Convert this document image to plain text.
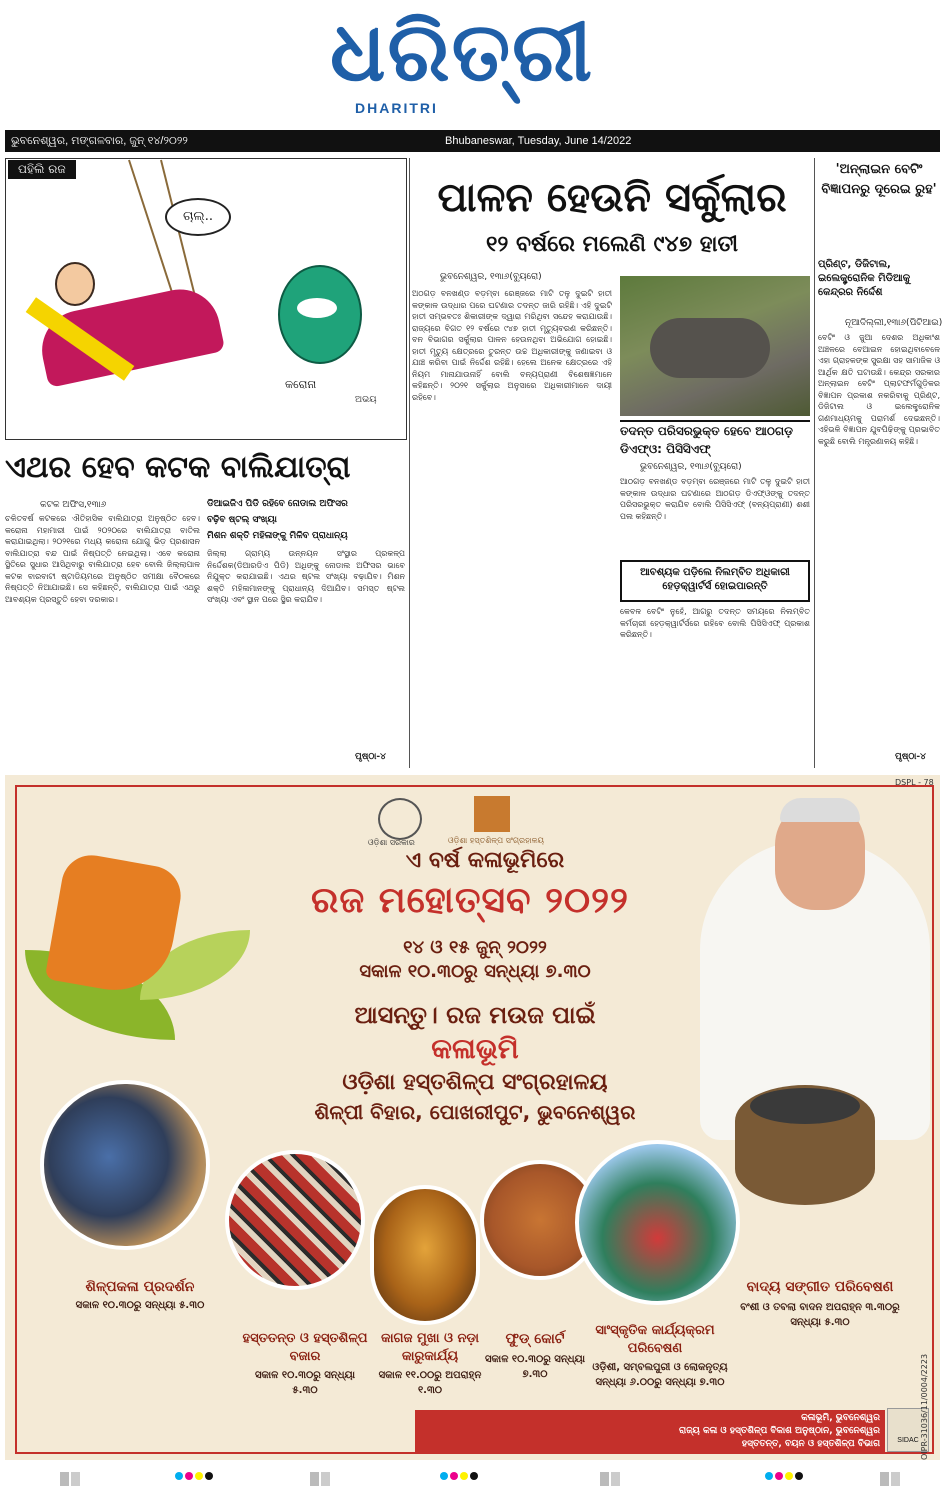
ଧରିତ୍ରୀ
DHARITRI
ଭୁବନେଶ୍ୱର, ମଙ୍ଗଳବାର, ଜୁନ୍ ୧୪/୨୦୨୨	Bhubaneswar, Tuesday, June 14/2022
ପହିଲି ରଜ
ଚାଲ୍..
କରୋନା
ଅଭୟ
ଏଥର ହେବ କଟକ ବାଲିଯାତ୍ରା
କଟକ ଅଫିସ,୧୩ା୬
ଚଳିତବର୍ଷ କଟକରେ ଐତିହାସିକ ବାଲିଯାତ୍ରା ଅନୁଷ୍ଠିତ ହେବ। କରୋନା ମହାମାରୀ ପାଇଁ ୨୦୨୦ରେ ବାଲିଯାତ୍ରା ବାତିଲ କରାଯାଇଥିଲା। ୨୦୨୧ରେ ମଧ୍ୟ କରୋନା ଯୋଗୁ ଭିଡ଼ ପ୍ରଶାସନ ବାଲିଯାତ୍ରା ବନ୍ଦ ପାଇଁ ନିଷ୍ପତ୍ତି ନେଇଥିଲା। ଏବେ କରୋନା ସ୍ଥିତିରେ ସୁଧାର ଆସିଥିବାରୁ ବାଲିଯାତ୍ରା ହେବ ବୋଲି ଜିଲ୍ଲାପାଳ କଟକ ବାରବାଟୀ ଷ୍ଟାଡିୟମରେ ଅନୁଷ୍ଠିତ ସମୀକ୍ଷା ବୈଠକରେ ନିଷ୍ପତ୍ତି ନିଆଯାଇଛି। ସେ କହିଛନ୍ତି, ବାଲିଯାତ୍ରା ପାଇଁ ଏଥରୁ ଆବଶ୍ୟକ ପ୍ରସ୍ତୁତି ହେବା ଦରକାର।
ଡିଆଇଜିଏ ପିଡି ରହିବେ ନୋଡାଲ ଅଫିସର
ବଢ଼ିବ ଷ୍ଟଲ୍ ସଂଖ୍ୟା
ମିଶନ ଶକ୍ତି ମହିଳାଙ୍କୁ ମିଳିବ ପ୍ରାଧାନ୍ୟ
ଜିଲ୍ଲା ଗ୍ରାମ୍ୟ ଉନ୍ନୟନ ସଂସ୍ଥାର ପ୍ରକଳ୍ପ ନିର୍ଦ୍ଦେଶକ(ଡିଆରଡିଏ ପିଡି) ଅଧିଙ୍କୁ ନୋଡାଲ ଅଫିସର ଭାବେ ନିଯୁକ୍ତ କରାଯାଇଛି। ଏଥର ଷ୍ଟଲ ସଂଖ୍ୟା ବଢ଼ାଯିବ। ମିଶନ ଶକ୍ତି ମହିଳାମାନଙ୍କୁ ପ୍ରାଧାନ୍ୟ ଦିଆଯିବ। ସମସ୍ତ ଷ୍ଟଲ ସଂଖ୍ୟା ଏବଂ ସ୍ଥାନ ପରେ ସ୍ଥିର କରାଯିବ।
ପୃଷ୍ଠା-୪
ପାଳନ ହେଉନି ସର୍କୁଲାର
୧୨ ବର୍ଷରେ ମଲେଣି ୯୪୭ ହାତୀ
ଭୁବନେଶ୍ୱର, ୧୩ା୬(ବ୍ୟୁରୋ)
ଅଠଗଡ଼ ବନଖଣ୍ଡ ବଡ଼ମ୍ବା ରେଞ୍ଜରେ ମାଟି ତଳୁ ଦୁଇଟି ହାତୀ କଙ୍କାଳ ଉଦ୍ଧାର ପରେ ଘଟଣାର ତଦନ୍ତ ଜାରି ରହିଛି। ଏହି ଦୁଇଟି ହାତୀ ସମ୍ଭବତଃ ଶିକାରୀଙ୍କ ଦ୍ୱାରା ମରିଥିବା ସନ୍ଦେହ କରାଯାଉଛି। ରାଜ୍ୟରେ ବିଗତ ୧୨ ବର୍ଷରେ ୯୪୭ ହାତୀ ମୃତ୍ୟୁବରଣ କରିଛନ୍ତି। ବନ ବିଭାଗର ସର୍କୁଲାର ପାଳନ ହେଉନଥିବା ଅଭିଯୋଗ ହୋଇଛି। ହାତୀ ମୃତ୍ୟୁ କ୍ଷେତ୍ରରେ ତୁରନ୍ତ ଉଚ୍ଚ ଅଧିକାରୀଙ୍କୁ ଜଣାଇବା ଓ ଯାଞ୍ଚ କରିବା ପାଇଁ ନିର୍ଦ୍ଦେଶ ରହିଛି। ହେଲେ ଅନେକ କ୍ଷେତ୍ରରେ ଏହି ନିୟମ ମାନାଯାଉନାହିଁ ବୋଲି ବନ୍ୟପ୍ରାଣୀ ବିଶେଷଜ୍ଞମାନେ କହିଛନ୍ତି। ୨୦୨୧ ସର୍କୁଲାର ଅନୁସାରେ ଅଧିକାରୀମାନେ ଦାୟୀ ରହିବେ।
ତଦନ୍ତ ପରିସରଭୁକ୍ତ ହେବେ ଆଠଗଡ଼ ଡିଏଫ୍ଓ: ପିସିସିଏଫ୍
ଭୁବନେଶ୍ୱର, ୧୩ା୬(ବ୍ୟୁରୋ)
ଆଠଗଡ଼ ବନଖଣ୍ଡ ବଡ଼ମ୍ବା ରେଞ୍ଜରେ ମାଟି ତଳୁ ଦୁଇଟି ହାତୀ କଙ୍କାଳ ଉଦ୍ଧାର ଘଟଣାରେ ଆଠଗଡ଼ ଡିଏଫ୍ଓଙ୍କୁ ତଦନ୍ତ ପରିସରଭୁକ୍ତ କରାଯିବ ବୋଲି ପିସିସିଏଫ୍ (ବନ୍ୟପ୍ରାଣୀ) ଶଶୀ ପଲ କହିଛନ୍ତି।
ଆବଶ୍ୟକ ପଡ଼ିଲେ ନିଲମ୍ବିତ ଅଧିକାରୀ ହେଡ଼କ୍ୱାର୍ଟର୍ସ ହୋଇପାରନ୍ତି
କେବଳ ବେଟିଂ ନୁହେଁ, ଆଗରୁ ତଦନ୍ତ ସମୟରେ ନିଲମ୍ବିତ କର୍ମଚାରୀ ହେଡ଼କ୍ୱାର୍ଟର୍ସରେ ରହିବେ ବୋଲି ପିସିସିଏଫ୍ ପ୍ରକାଶ କରିଛନ୍ତି।
'ଅନ୍‌ଲାଇନ ବେଟିଂ ବିଜ୍ଞାପନରୁ ଦୂରେଇ ରୁହ'
ପ୍ରିଣ୍ଟ, ଡିଜିଟାଲ, ଇଲେକ୍ଟ୍ରୋନିକ ମିଡିଆକୁ କେନ୍ଦ୍ରର ନିର୍ଦ୍ଦେଶ
ନୂଆଦିଲ୍ଲୀ,୧୩ା୬(ପିଟିଆଇ)
ବେଟିଂ ଓ ଜୁଆ ଦେଶର ଅଧିକାଂଶ ଅଞ୍ଚଳରେ ବେଆଇନ ହୋଇଥିବାବେଳେ ଏହା ଗ୍ରାହକଙ୍କ ସୁରକ୍ଷା ସହ ସାମାଜିକ ଓ ଆର୍ଥିକ କ୍ଷତି ଘଟାଉଛି। କେନ୍ଦ୍ର ସରକାର ଅନ୍‌ଲାଇନ ବେଟିଂ ପ୍ଲାଟଫର୍ମଗୁଡ଼ିକର ବିଜ୍ଞାପନ ପ୍ରକାଶ ନକରିବାକୁ ପ୍ରିଣ୍ଟ, ଡିଜିଟାଲ ଓ ଇଲେକ୍ଟ୍ରୋନିକ ଗଣମାଧ୍ୟମକୁ ପରାମର୍ଶ ଦେଇଛନ୍ତି। ଏହିଭଳି ବିଜ୍ଞାପନ ଯୁବପିଢ଼ିଙ୍କୁ ପ୍ରଭାବିତ କରୁଛି ବୋଲି ମନ୍ତ୍ରଣାଳୟ କହିଛି।
ପୃଷ୍ଠା-୪
DSPL - 78
ଓଡ଼ିଶା ସରକାର	ଓଡ଼ିଶା ହସ୍ତଶିଳ୍ପ ସଂଗ୍ରହାଳୟ
ଏ ବର୍ଷ କଳାଭୂମିରେ
ରଜ ମହୋତ୍ସବ ୨୦୨୨
୧୪ ଓ ୧୫ ଜୁନ୍ ୨୦୨୨
ସକାଳ ୧୦.୩୦ରୁ ସନ୍ଧ୍ୟା ୭.୩୦
ଆସନ୍ତୁ। ରଜ ମଉଜ ପାଇଁ
କଳାଭୂମି
ଓଡ଼ିଶା ହସ୍ତଶିଳ୍ପ ସଂଗ୍ରହାଳୟ
ଶିଳ୍ପୀ ବିହାର, ପୋଖରୀପୁଟ, ଭୁବନେଶ୍ୱର
ଶିଳ୍ପକଳା ପ୍ରଦର୍ଶନ
ସକାଳ ୧୦.୩୦ରୁ ସନ୍ଧ୍ୟା ୫.୩୦
ହସ୍ତତନ୍ତ ଓ ହସ୍ତଶିଳ୍ପ ବଜାର
ସକାଳ ୧୦.୩୦ରୁ ସନ୍ଧ୍ୟା ୫.୩୦
କାଗଜ ମୁଖା ଓ ନଡ଼ା କାରୁକାର୍ଯ୍ୟ
ସକାଳ ୧୧.୦୦ରୁ ଅପରାହ୍ନ ୧.୩୦
ଫୁଡ୍ କୋର୍ଟ
ସକାଳ ୧୦.୩୦ରୁ ସନ୍ଧ୍ୟା ୭.୩୦
ସାଂସ୍କୃତିକ କାର୍ଯ୍ୟକ୍ରମ ପରିବେଷଣ
ଓଡ଼ିଶୀ, ସମ୍ବଲପୁରୀ ଓ ଲୋକନୃତ୍ୟ ସନ୍ଧ୍ୟା ୬.୦୦ରୁ ସନ୍ଧ୍ୟା ୭.୩୦
ବାଦ୍ୟ ସଙ୍ଗୀତ ପରିବେଷଣ
ବଂଶୀ ଓ ତବଲା ବାଦନ ଅପରାହ୍ନ ୩.୩୦ରୁ ସନ୍ଧ୍ୟା ୫.୩୦
କଳାଭୂମି, ଭୁବନେଶ୍ୱର
ରାଜ୍ୟ କଳା ଓ ହସ୍ତଶିଳ୍ପ ବିକାଶ ଅନୁଷ୍ଠାନ, ଭୁବନେଶ୍ୱର
ହସ୍ତତନ୍ତ, ବୟନ ଓ ହସ୍ତଶିଳ୍ପ ବିଭାଗ	SIDAC OIPR-31036/11/0004/2223
